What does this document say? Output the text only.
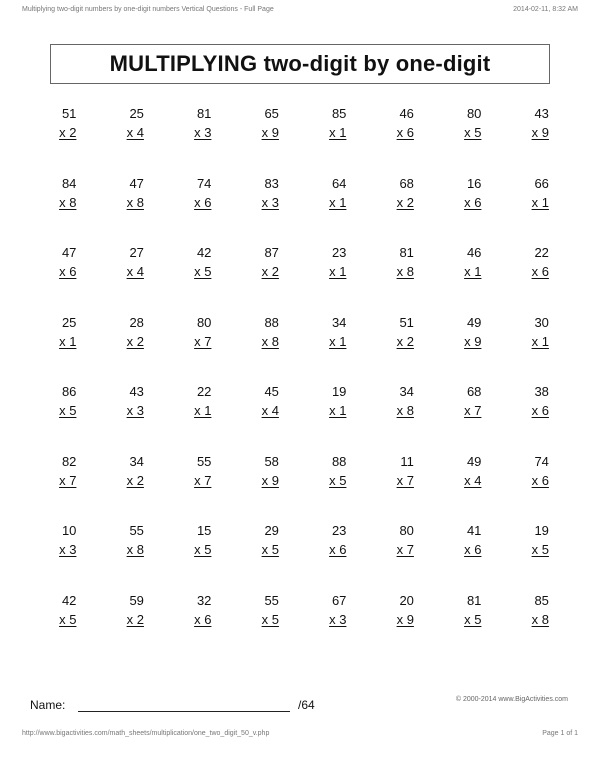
Multiplying two-digit numbers by one-digit numbers Vertical Questions - Full Page	2014-02-11, 8:32 AM
MULTIPLYING two-digit by one-digit
51
x 2
25
x 4
81
x 3
65
x 9
85
x 1
46
x 6
80
x 5
43
x 9
84
x 8
47
x 8
74
x 6
83
x 3
64
x 1
68
x 2
16
x 6
66
x 1
47
x 6
27
x 4
42
x 5
87
x 2
23
x 1
81
x 8
46
x 1
22
x 6
25
x 1
28
x 2
80
x 7
88
x 8
34
x 1
51
x 2
49
x 9
30
x 1
86
x 5
43
x 3
22
x 1
45
x 4
19
x 1
34
x 8
68
x 7
38
x 6
82
x 7
34
x 2
55
x 7
58
x 9
88
x 5
11
x 7
49
x 4
74
x 6
10
x 3
55
x 8
15
x 5
29
x 5
23
x 6
80
x 7
41
x 6
19
x 5
42
x 5
59
x 2
32
x 6
55
x 5
67
x 3
20
x 9
81
x 5
85
x 8
Name:	/64	© 2000-2014 www.BigActivities.com
http://www.bigactivities.com/math_sheets/multiplication/one_two_digit_50_v.php	Page 1 of 1
